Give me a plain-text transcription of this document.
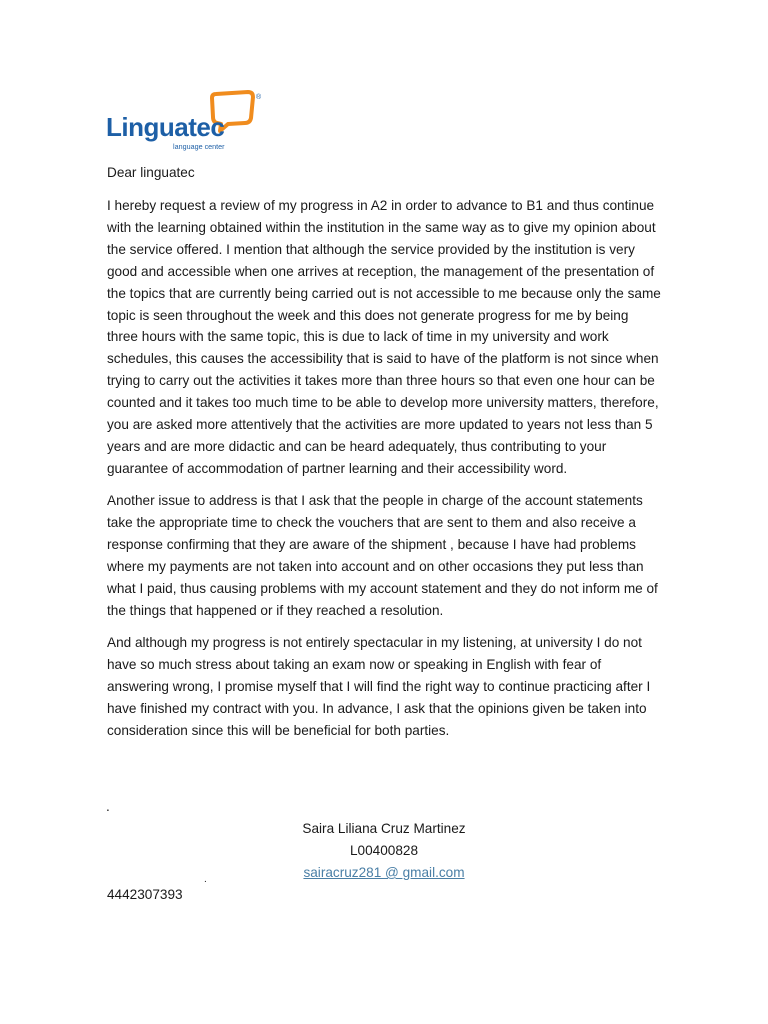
®
Linguatec
language center
Dear linguatec

I hereby request a review of my progress in A2 in order to advance to B1 and thus continue with the learning obtained within the institution in the same way as to give my opinion about the service offered. I mention that although the service provided by the institution is very good and accessible when one arrives at reception, the management of the presentation of the topics that are currently being carried out is not accessible to me because only the same topic is seen throughout the week and this does not generate progress for me by being three hours with the same topic, this is due to lack of time in my university and work schedules, this causes the accessibility that is said to have of the platform is not since when trying to carry out the activities it takes more than three hours so that even one hour can be counted and it takes too much time to be able to develop more university matters, therefore, you are asked more attentively that the activities are more updated to years not less than 5 years and are more didactic and can be heard adequately, thus contributing to your guarantee of accommodation of partner learning and their accessibility word.

Another issue to address is that I ask that the people in charge of the account statements take the appropriate time to check the vouchers that are sent to them and also receive a response confirming that they are aware of the shipment , because I have had problems where my payments are not taken into account and on other occasions they put less than what I paid, thus causing problems with my account statement and they do not inform me of the things that happened or if they reached a resolution.

And although my progress is not entirely spectacular in my listening, at university I do not have so much stress about taking an exam now or speaking in English with fear of answering wrong, I promise myself that I will find the right way to continue practicing after I have finished my contract with you. In advance, I ask that the opinions given be taken into consideration since this will be beneficial for both parties.

.
Saira Liliana Cruz Martinez
L00400828
sairacruz281 @ gmail.com
.
4442307393
